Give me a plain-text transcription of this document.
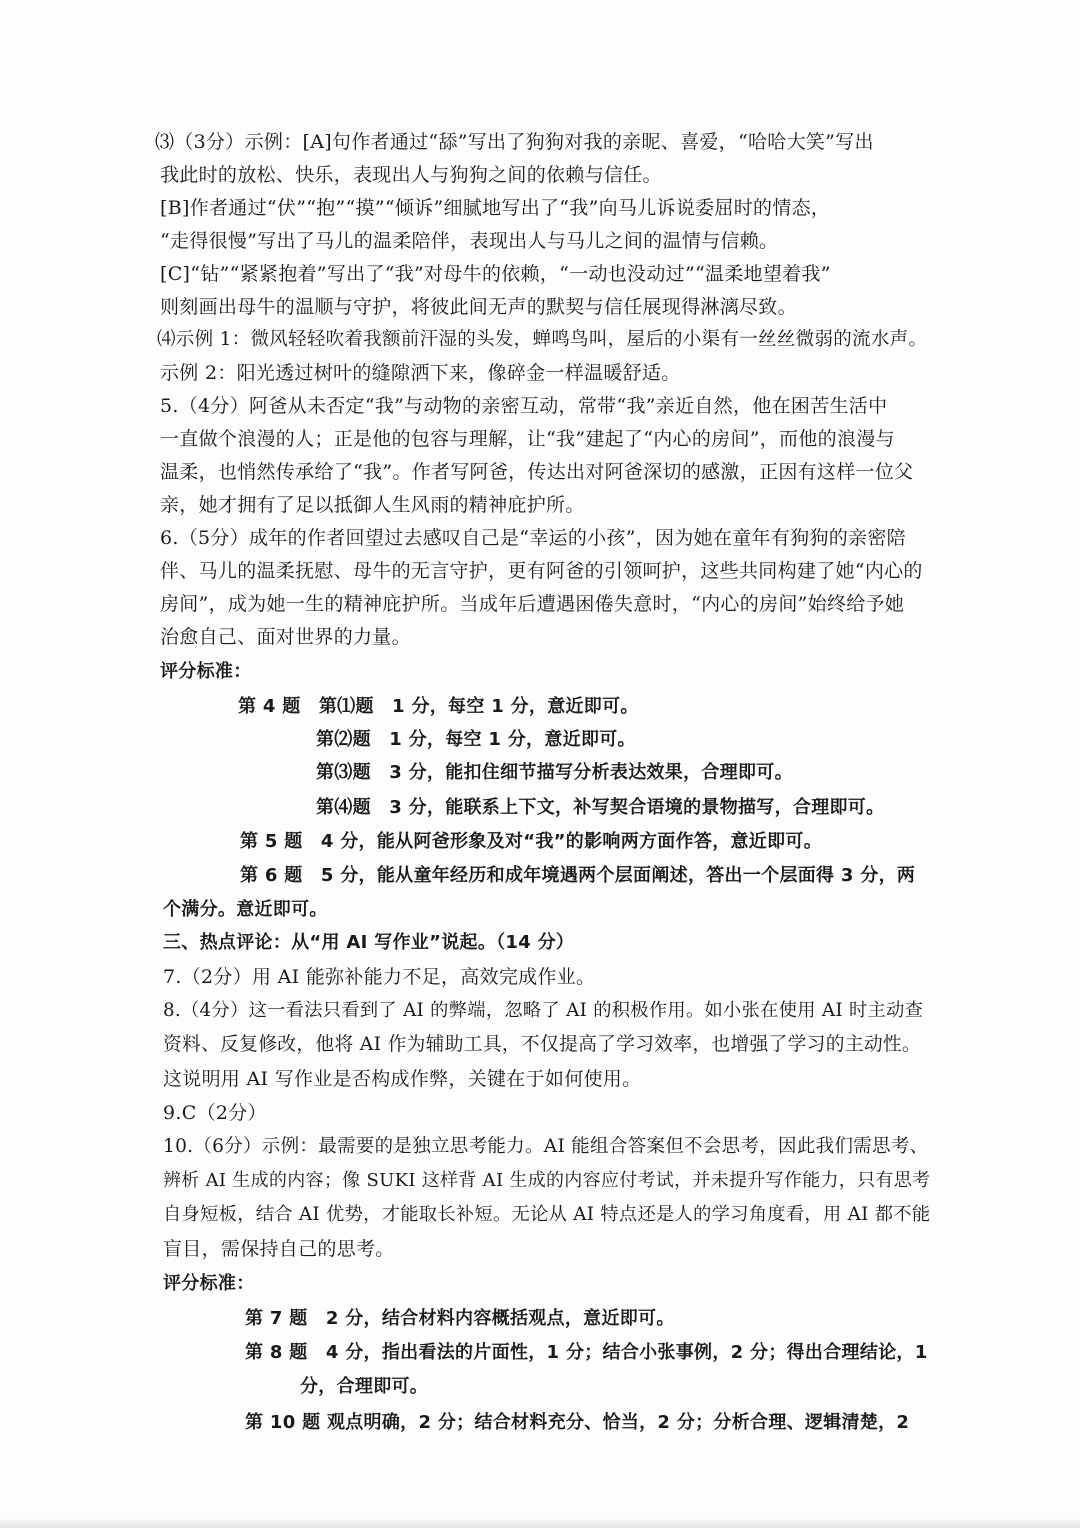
⑶（3分）示例：[A]句作者通过“舔”写出了狗狗对我的亲昵、喜爱，“哈哈大笑”写出
我此时的放松、快乐，表现出人与狗狗之间的依赖与信任。
[B]作者通过“伏”“抱”“摸”“倾诉”细腻地写出了“我”向马儿诉说委屈时的情态，
“走得很慢”写出了马儿的温柔陪伴，表现出人与马儿之间的温情与信赖。
[C]“钻”“紧紧抱着”写出了“我”对母牛的依赖，“一动也没动过”“温柔地望着我”
则刻画出母牛的温顺与守护，将彼此间无声的默契与信任展现得淋漓尽致。
⑷示例 1：微风轻轻吹着我额前汗湿的头发，蝉鸣鸟叫，屋后的小渠有一丝丝微弱的流水声。
示例 2：阳光透过树叶的缝隙洒下来，像碎金一样温暖舒适。
5.（4分）阿爸从未否定“我”与动物的亲密互动，常带“我”亲近自然，他在困苦生活中
一直做个浪漫的人；正是他的包容与理解，让“我”建起了“内心的房间”，而他的浪漫与
温柔，也悄然传承给了“我”。作者写阿爸，传达出对阿爸深切的感激，正因有这样一位父
亲，她才拥有了足以抵御人生风雨的精神庇护所。
6.（5分）成年的作者回望过去感叹自己是“幸运的小孩”，因为她在童年有狗狗的亲密陪
伴、马儿的温柔抚慰、母牛的无言守护，更有阿爸的引领呵护，这些共同构建了她“内心的
房间”，成为她一生的精神庇护所。当成年后遭遇困倦失意时，“内心的房间”始终给予她
治愈自己、面对世界的力量。
评分标准：
第 4 题　第⑴题　1 分，每空 1 分，意近即可。
第⑵题　1 分，每空 1 分，意近即可。
第⑶题　3 分，能扣住细节描写分析表达效果，合理即可。
第⑷题　3 分，能联系上下文，补写契合语境的景物描写，合理即可。
第 5 题　4 分，能从阿爸形象及对“我”的影响两方面作答，意近即可。
第 6 题　5 分，能从童年经历和成年境遇两个层面阐述，答出一个层面得 3 分，两
个满分。意近即可。
三、热点评论：从“用 AI 写作业”说起。（14 分）
7.（2分）用 AI 能弥补能力不足，高效完成作业。
8.（4分）这一看法只看到了 AI 的弊端，忽略了 AI 的积极作用。如小张在使用 AI 时主动查
资料、反复修改，他将 AI 作为辅助工具，不仅提高了学习效率，也增强了学习的主动性。
这说明用 AI 写作业是否构成作弊，关键在于如何使用。
9.C（2分）
10.（6分）示例：最需要的是独立思考能力。AI 能组合答案但不会思考，因此我们需思考、
辨析 AI 生成的内容；像 SUKI 这样背 AI 生成的内容应付考试，并未提升写作能力，只有思考
自身短板，结合 AI 优势，才能取长补短。无论从 AI 特点还是人的学习角度看，用 AI 都不能
盲目，需保持自己的思考。
评分标准：
第 7 题　2 分，结合材料内容概括观点，意近即可。
第 8 题　4 分，指出看法的片面性，1 分；结合小张事例，2 分；得出合理结论，1
分，合理即可。
第 10 题 观点明确，2 分；结合材料充分、恰当，2 分；分析合理、逻辑清楚，2
